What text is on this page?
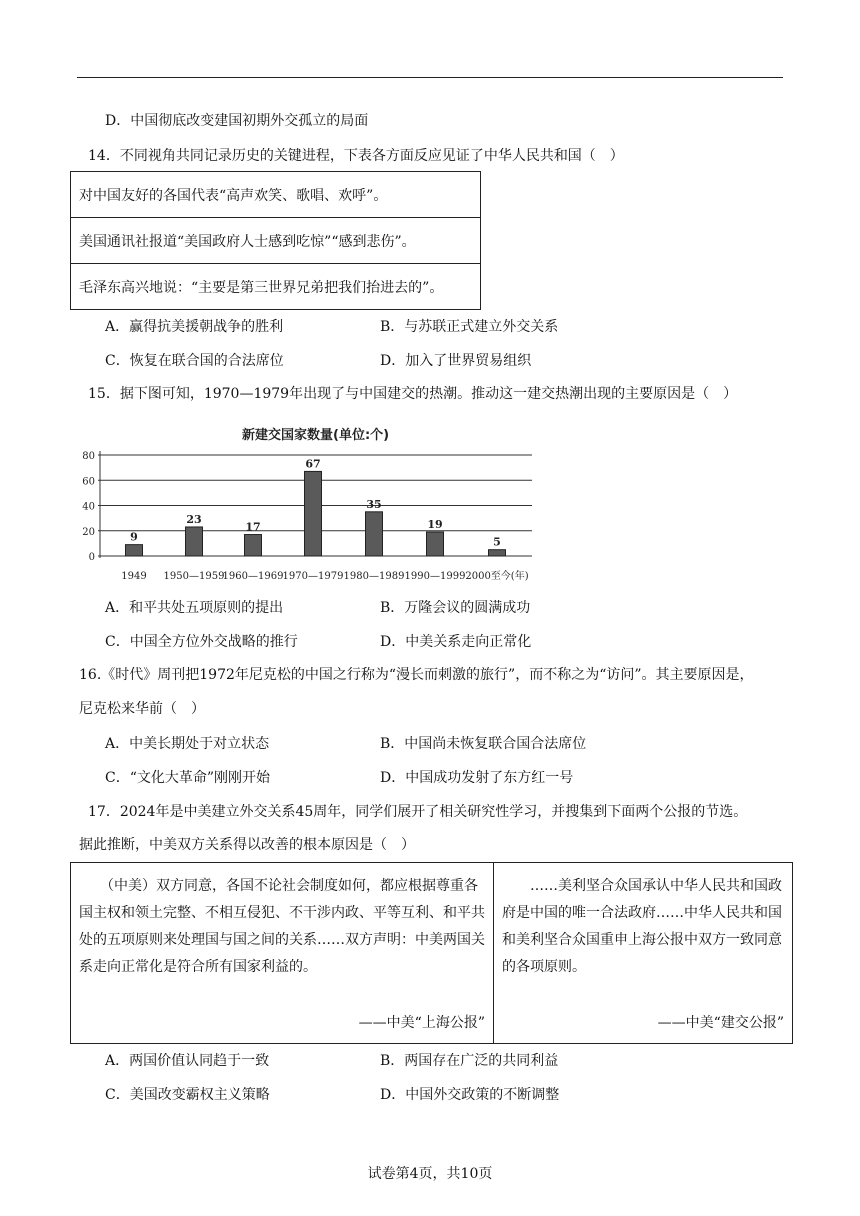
D．中国彻底改变建国初期外交孤立的局面
14．不同视角共同记录历史的关键进程，下表各方面反应见证了中华人民共和国（　）
对中国友好的各国代表“高声欢笑、歌唱、欢呼”。
美国通讯社报道“美国政府人士感到吃惊”“感到悲伤”。
毛泽东高兴地说：“主要是第三世界兄弟把我们抬进去的”。
A．赢得抗美援朝战争的胜利	B．与苏联正式建立外交关系
C．恢复在联合国的合法席位	D．加入了世界贸易组织
15．据下图可知，1970—1979年出现了与中国建交的热潮。推动这一建交热潮出现的主要原因是（　）
新建交国家数量(单位:个)
80
60
40
20
0
9
23
17
67
35
19
5
1949 1950—1959
1960—1969 1970—1979 1980—1989 1990—1999 2000至今(年)
A．和平共处五项原则的提出	B．万隆会议的圆满成功
C．中国全方位外交战略的推行	D．中美关系走向正常化
16.《时代》周刊把1972年尼克松的中国之行称为“漫长而刺激的旅行”，而不称之为“访问”。其主要原因是，
尼克松来华前（　）
A．中美长期处于对立状态	B．中国尚未恢复联合国合法席位
C．“文化大革命”刚刚开始	D．中国成功发射了东方红一号
17．2024年是中美建立外交关系45周年，同学们展开了相关研究性学习，并搜集到下面两个公报的节选。
据此推断，中美双方关系得以改善的根本原因是（　）
　　（中美）双方同意，各国不论社会制度如何，都应根据尊重各国主权和领土完整、不相互侵犯、不干涉内政、平等互利、和平共处的五项原则来处理国与国之间的关系……双方声明：中美两国关系走向正常化是符合所有国家利益的。
——中美“上海公报”
　　……美利坚合众国承认中华人民共和国政府是中国的唯一合法政府……中华人民共和国和美利坚合众国重申上海公报中双方一致同意的各项原则。
——中美“建交公报”
A．两国价值认同趋于一致	B．两国存在广泛的共同利益
C．美国改变霸权主义策略	D．中国外交政策的不断调整
试卷第4页，共10页
